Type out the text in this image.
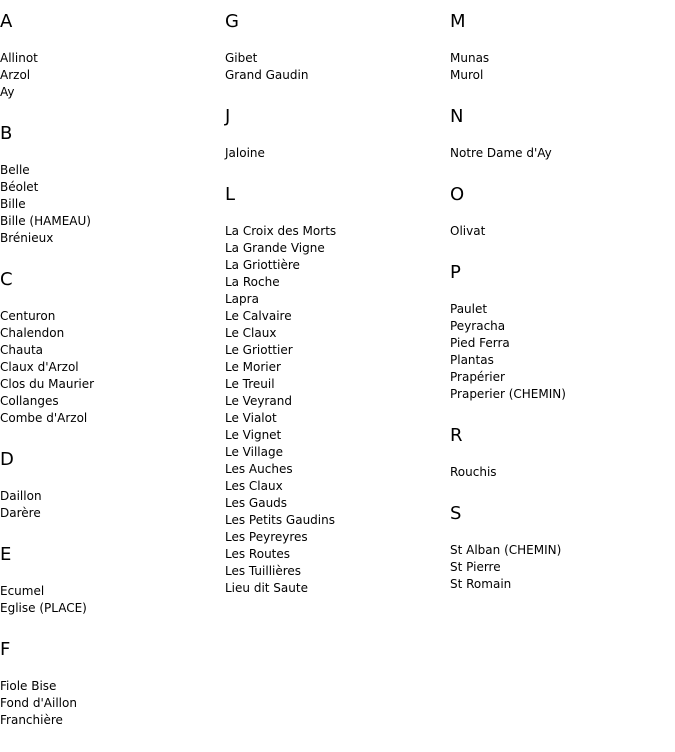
A
Allinot
Arzol
Ay
B
Belle
Béolet
Bille
Bille (HAMEAU)
Brénieux
C
Centuron
Chalendon
Chauta
Claux d'Arzol
Clos du Maurier
Collanges
Combe d'Arzol
D
Daillon
Darère
E
Ecumel
Eglise (PLACE)
F
Fiole Bise
Fond d'Aillon
Franchière
G
Gibet
Grand Gaudin
J
Jaloine
L
La Croix des Morts
La Grande Vigne
La Griottière
La Roche
Lapra
Le Calvaire
Le Claux
Le Griottier
Le Morier
Le Treuil
Le Veyrand
Le Vialot
Le Vignet
Le Village
Les Auches
Les Claux
Les Gauds
Les Petits Gaudins
Les Peyreyres
Les Routes
Les Tuillières
Lieu dit Saute
M
Munas
Murol
N
Notre Dame d'Ay
O
Olivat
P
Paulet
Peyracha
Pied Ferra
Plantas
Prapérier
Praperier (CHEMIN)
R
Rouchis
S
St Alban (CHEMIN)
St Pierre
St Romain
